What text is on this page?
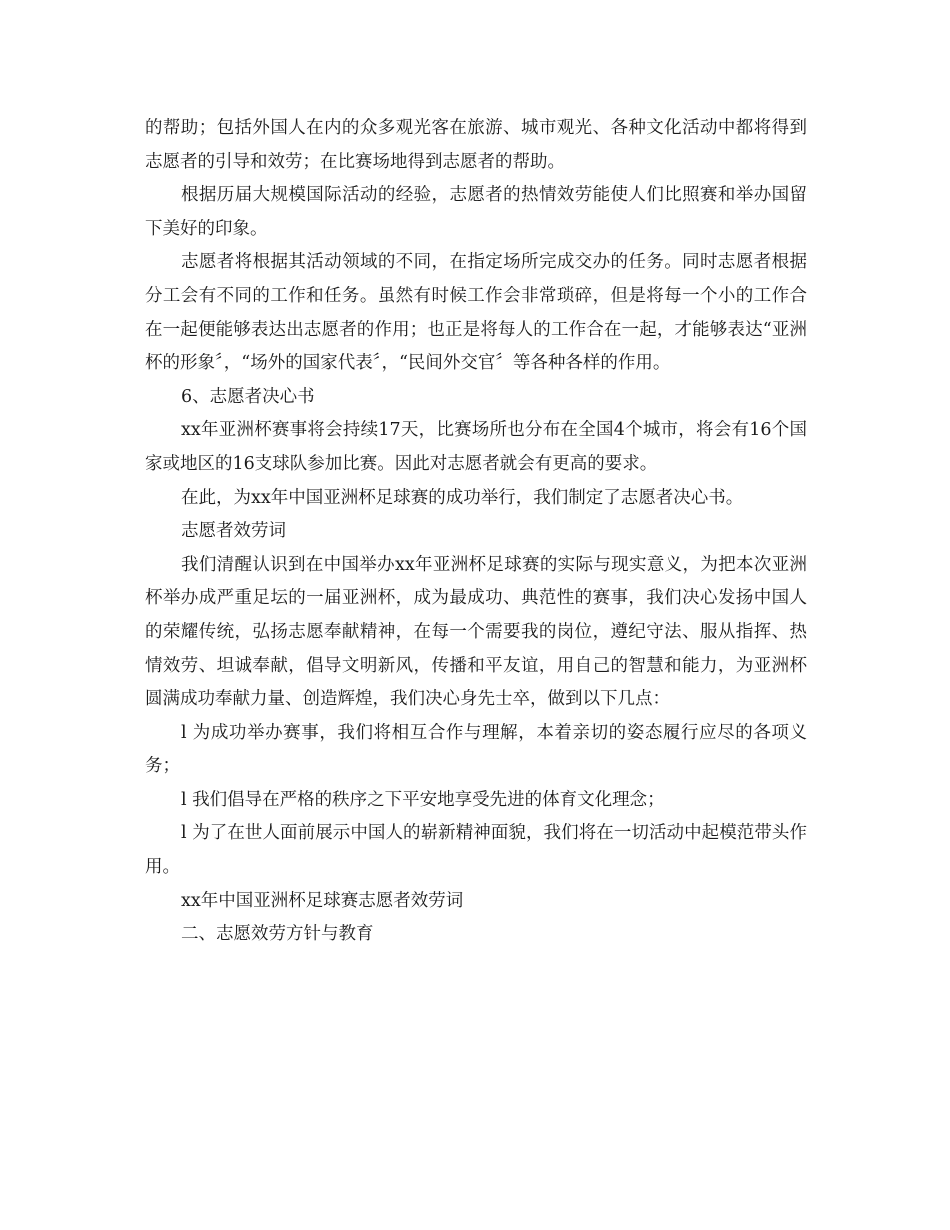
的帮助；包括外国人在内的众多观光客在旅游、城市观光、各种文化活动中都将得到志愿者的引导和效劳；在比赛场地得到志愿者的帮助。

根据历届大规模国际活动的经验，志愿者的热情效劳能使人们比照赛和举办国留下美好的印象。

志愿者将根据其活动领域的不同，在指定场所完成交办的任务。同时志愿者根据分工会有不同的工作和任务。虽然有时候工作会非常琐碎，但是将每一个小的工作合在一起便能够表达出志愿者的作用；也正是将每人的工作合在一起，才能够表达“亚洲杯的形象〞，“场外的国家代表〞，“民间外交官〞等各种各样的作用。

6、志愿者决心书

xx年亚洲杯赛事将会持续17天，比赛场所也分布在全国4个城市，将会有16个国家或地区的16支球队参加比赛。因此对志愿者就会有更高的要求。

在此，为xx年中国亚洲杯足球赛的成功举行，我们制定了志愿者决心书。

志愿者效劳词

我们清醒认识到在中国举办xx年亚洲杯足球赛的实际与现实意义，为把本次亚洲杯举办成严重足坛的一届亚洲杯，成为最成功、典范性的赛事，我们决心发扬中国人的荣耀传统，弘扬志愿奉献精神，在每一个需要我的岗位，遵纪守法、服从指挥、热情效劳、坦诚奉献，倡导文明新风，传播和平友谊，用自己的智慧和能力，为亚洲杯圆满成功奉献力量、创造辉煌，我们决心身先士卒，做到以下几点：

l 为成功举办赛事，我们将相互合作与理解，本着亲切的姿态履行应尽的各项义务；

l 我们倡导在严格的秩序之下平安地享受先进的体育文化理念；

l 为了在世人面前展示中国人的崭新精神面貌，我们将在一切活动中起模范带头作用。

xx年中国亚洲杯足球赛志愿者效劳词

二、志愿效劳方针与教育
